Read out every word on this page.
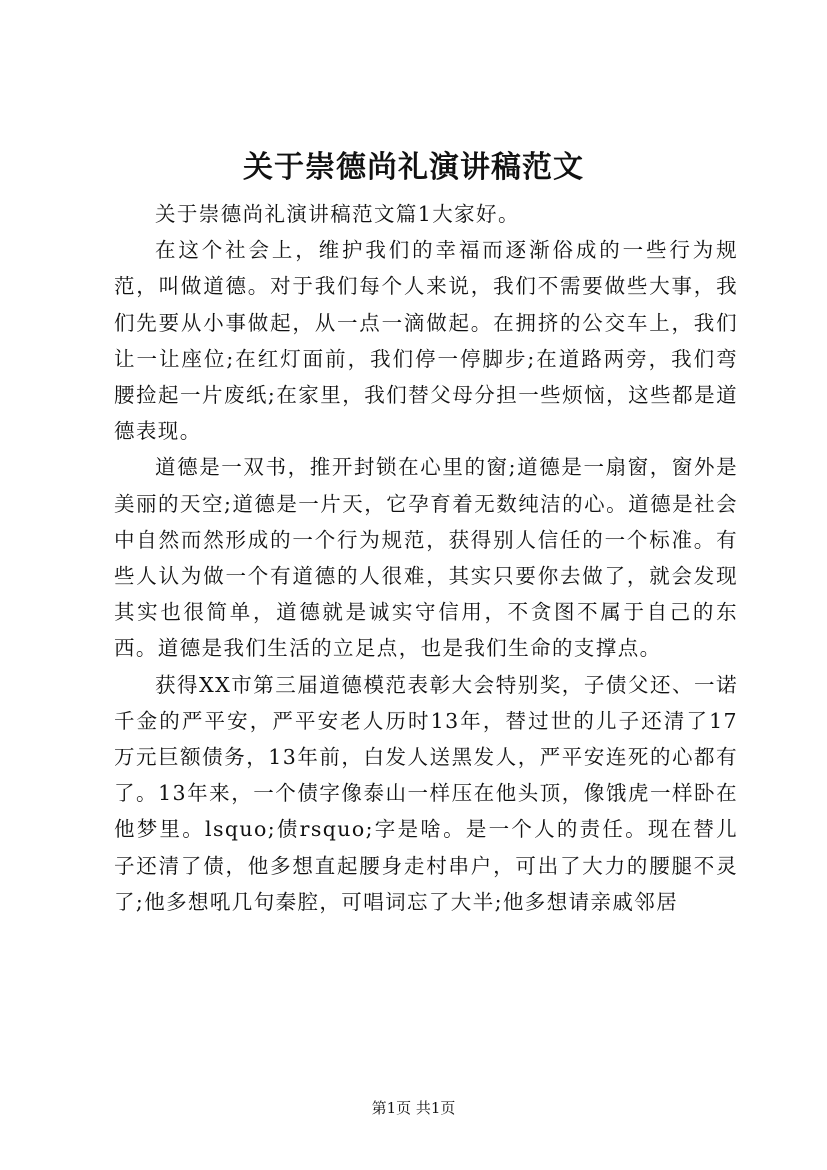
关于崇德尚礼演讲稿范文

关于崇德尚礼演讲稿范文篇1大家好。

在这个社会上，维护我们的幸福而逐渐俗成的一些行为规范，叫做道德。对于我们每个人来说，我们不需要做些大事，我们先要从小事做起，从一点一滴做起。在拥挤的公交车上，我们让一让座位;在红灯面前，我们停一停脚步;在道路两旁，我们弯腰捡起一片废纸;在家里，我们替父母分担一些烦恼，这些都是道德表现。

道德是一双书，推开封锁在心里的窗;道德是一扇窗，窗外是美丽的天空;道德是一片天，它孕育着无数纯洁的心。道德是社会中自然而然形成的一个行为规范，获得别人信任的一个标准。有些人认为做一个有道德的人很难，其实只要你去做了，就会发现其实也很简单，道德就是诚实守信用，不贪图不属于自己的东西。道德是我们生活的立足点，也是我们生命的支撑点。

获得XX市第三届道德模范表彰大会特别奖，子债父还、一诺千金的严平安，严平安老人历时13年，替过世的儿子还清了17万元巨额债务，13年前，白发人送黑发人，严平安连死的心都有了。13年来，一个债字像泰山一样压在他头顶，像饿虎一样卧在他梦里。lsquo;债rsquo;字是啥。是一个人的责任。现在替儿子还清了债，他多想直起腰身走村串户，可出了大力的腰腿不灵了;他多想吼几句秦腔，可唱词忘了大半;他多想请亲戚邻居

第1页 共1页
